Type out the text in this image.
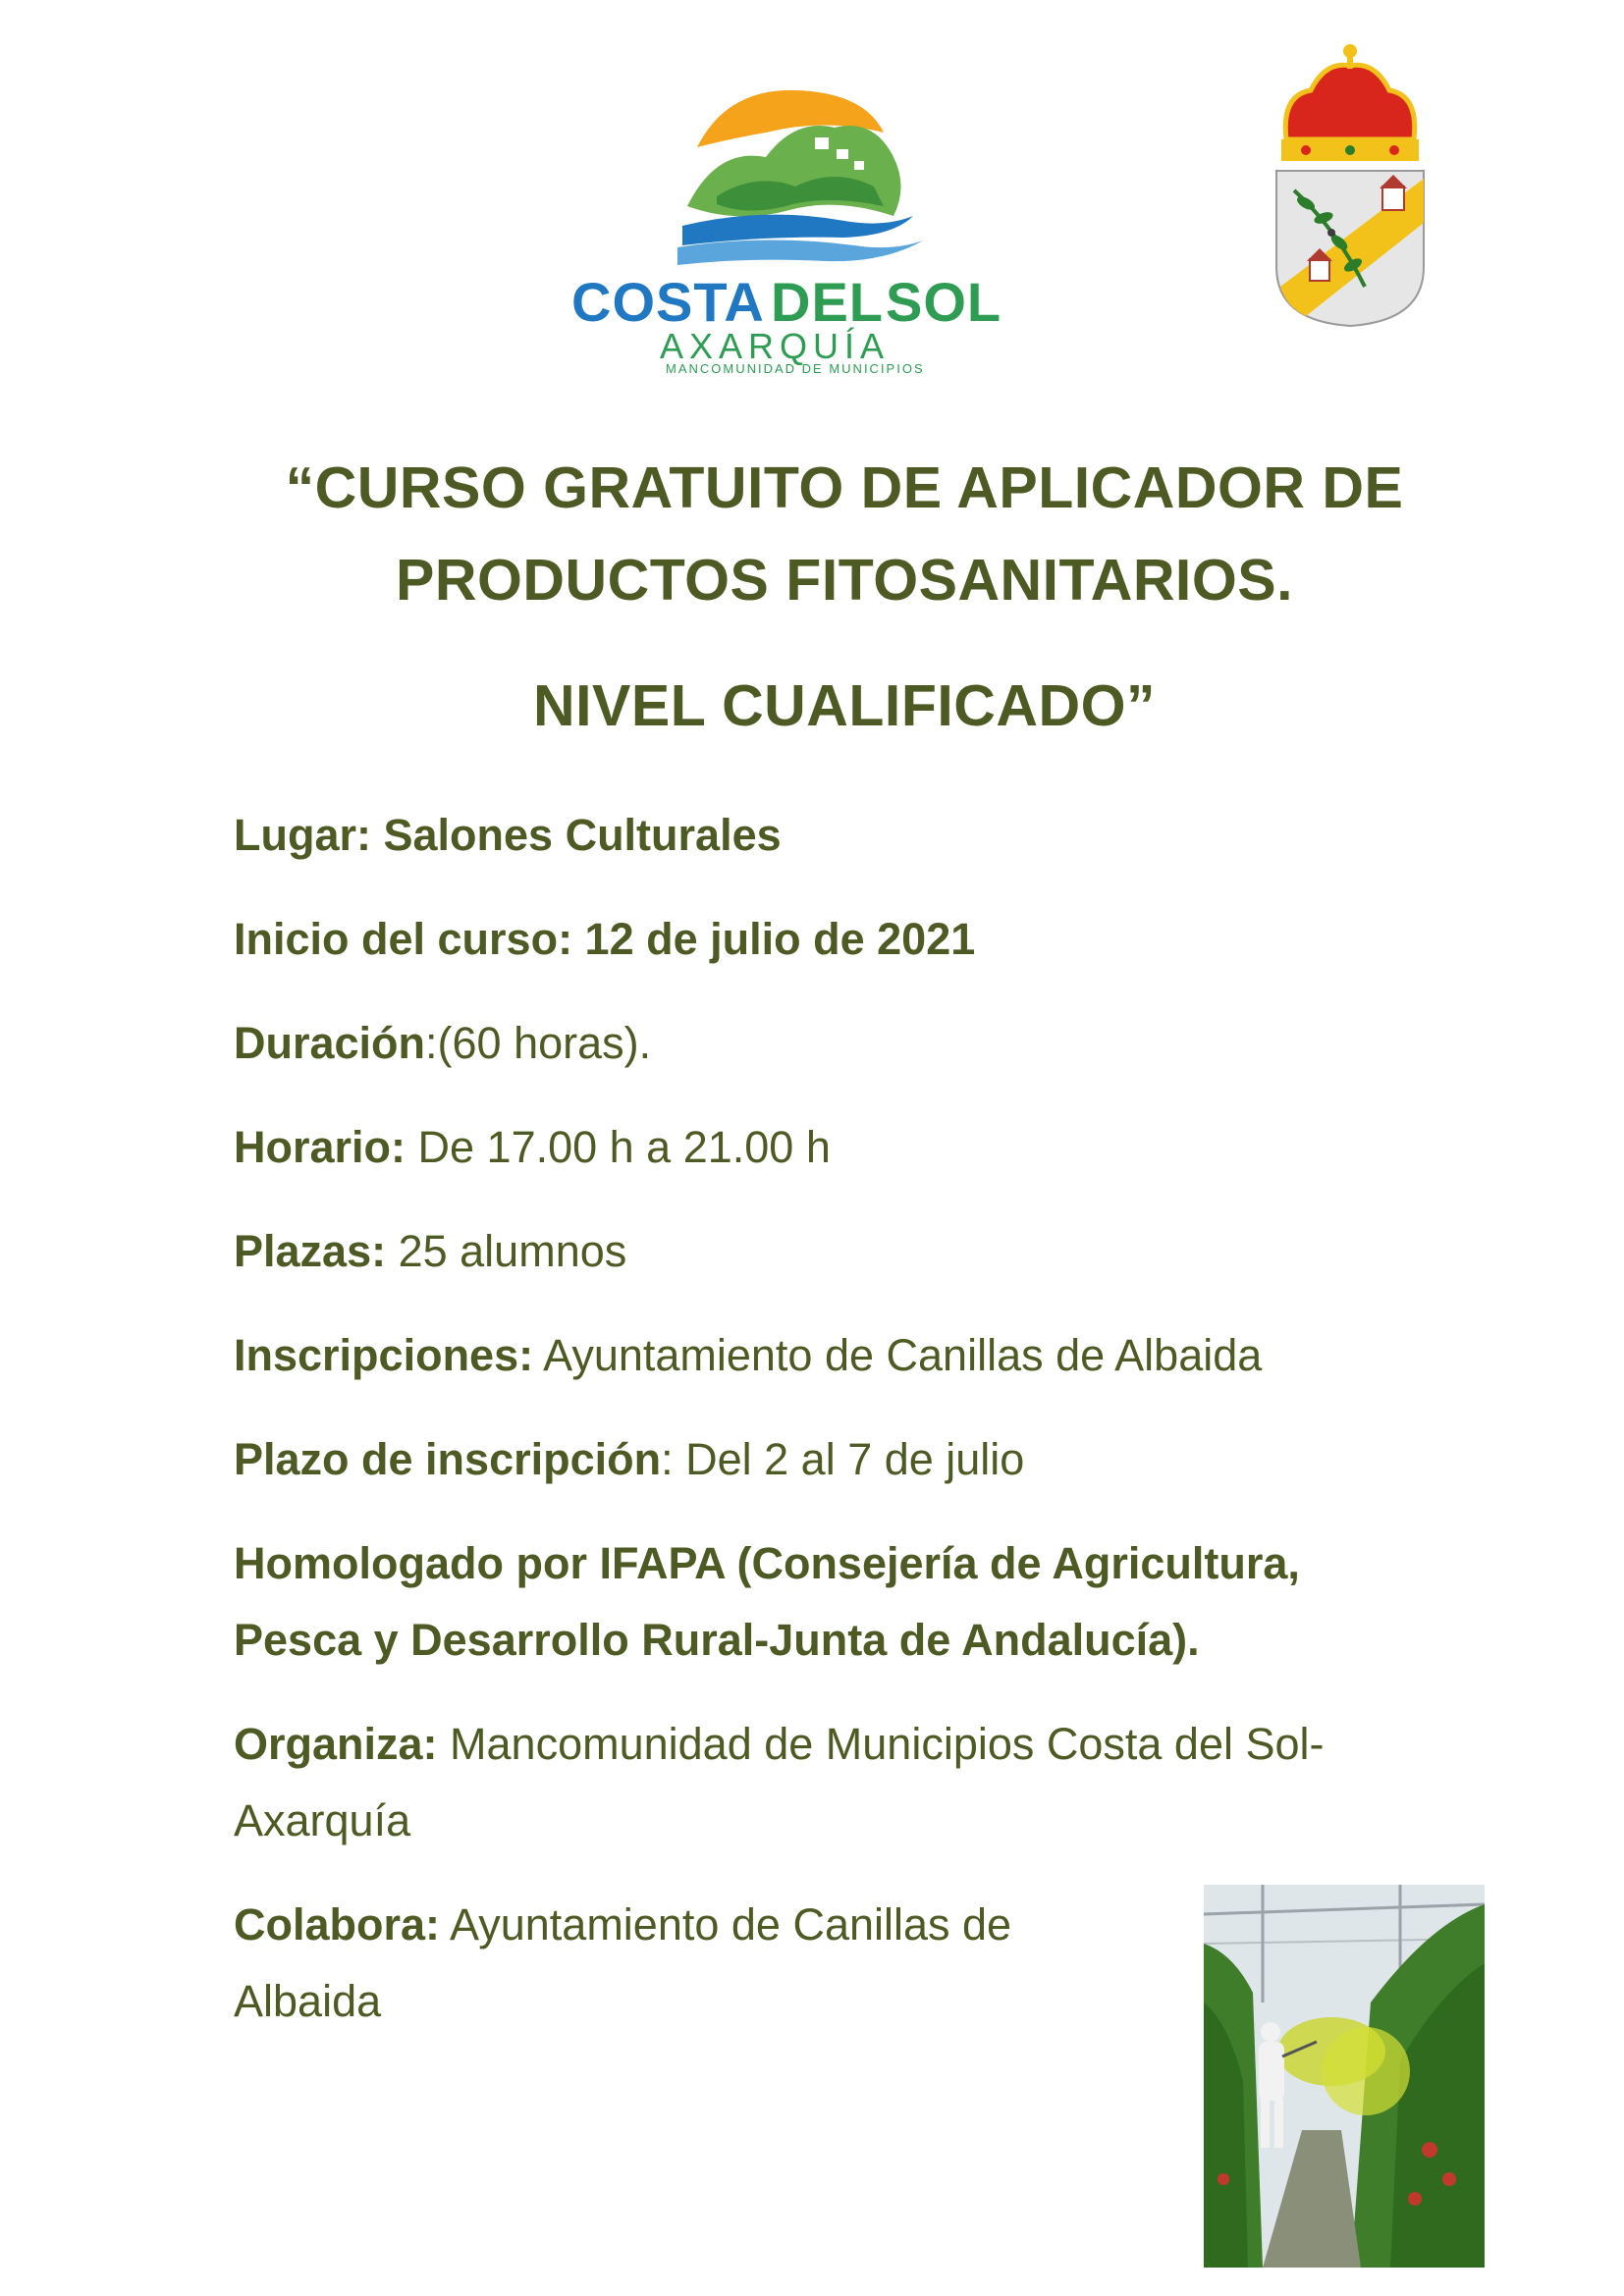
COSTA DEL SOL
AXARQUÍA
MANCOMUNIDAD DE MUNICIPIOS
“CURSO GRATUITO DE APLICADOR DE
PRODUCTOS FITOSANITARIOS.
NIVEL CUALIFICADO”
Lugar: Salones Culturales
Inicio del curso: 12 de julio de 2021
Duración:(60 horas).
Horario: De 17.00 h a 21.00 h
Plazas: 25 alumnos
Inscripciones: Ayuntamiento de Canillas de Albaida
Plazo de inscripción: Del 2 al 7 de julio
Homologado por IFAPA (Consejería de Agricultura,
Pesca y Desarrollo Rural-Junta de Andalucía).
Organiza: Mancomunidad de Municipios Costa del Sol-
Axarquía
Colabora: Ayuntamiento de Canillas de
Albaida
